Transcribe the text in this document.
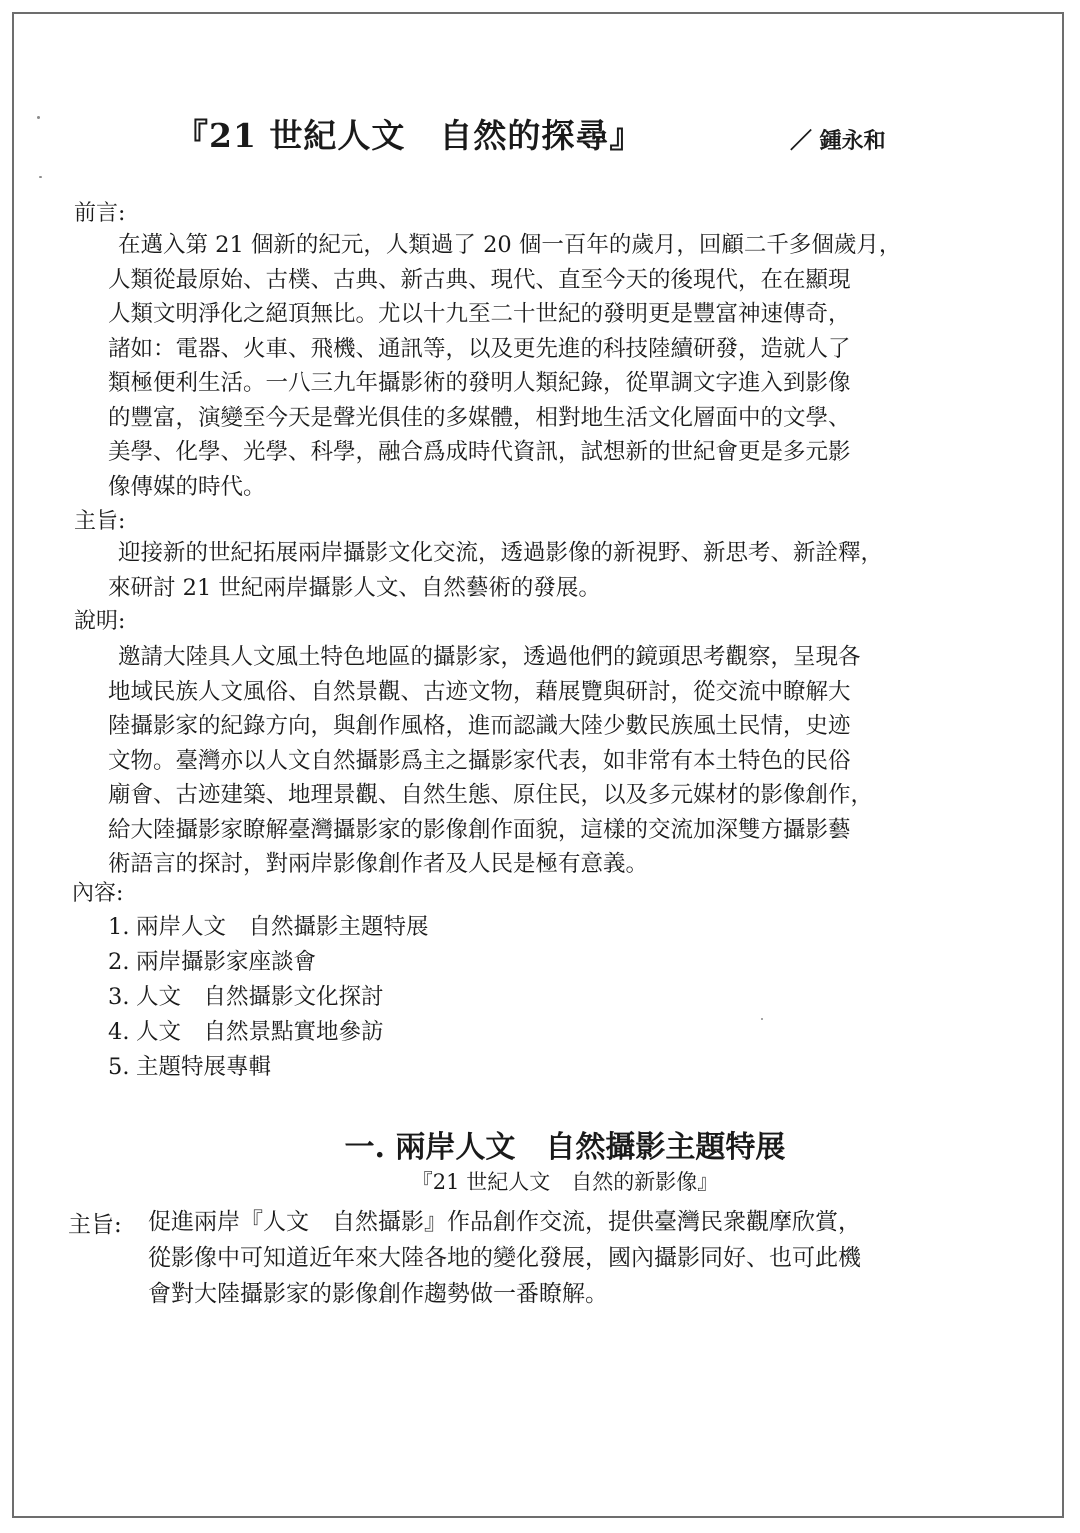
『21 世紀人文　自然的探尋』	／ 鍾永和

前言:

在邁入第 21 個新的紀元，人類過了 20 個一百年的歲月，回顧二千多個歲月，
人類從最原始、古樸、古典、新古典、現代、直至今天的後現代，在在顯現
人類文明淨化之絕頂無比。尤以十九至二十世紀的發明更是豐富神速傳奇，
諸如：電器、火車、飛機、通訊等，以及更先進的科技陸續研發，造就人了
類極便利生活。一八三九年攝影術的發明人類紀錄，從單調文字進入到影像
的豐富，演變至今天是聲光俱佳的多媒體，相對地生活文化層面中的文學、
美學、化學、光學、科學，融合爲成時代資訊，試想新的世紀會更是多元影
像傳媒的時代。

主旨:

迎接新的世紀拓展兩岸攝影文化交流，透過影像的新視野、新思考、新詮釋，
來研討 21 世紀兩岸攝影人文、自然藝術的發展。

說明:

邀請大陸具人文風土特色地區的攝影家，透過他們的鏡頭思考觀察，呈現各
地域民族人文風俗、自然景觀、古迹文物，藉展覽與研討，從交流中瞭解大
陸攝影家的紀錄方向，與創作風格，進而認識大陸少數民族風土民情，史迹
文物。臺灣亦以人文自然攝影爲主之攝影家代表，如非常有本土特色的民俗
廟會、古迹建築、地理景觀、自然生態、原住民，以及多元媒材的影像創作，
給大陸攝影家瞭解臺灣攝影家的影像創作面貌，這樣的交流加深雙方攝影藝
術語言的探討，對兩岸影像創作者及人民是極有意義。

內容:

1. 兩岸人文　自然攝影主題特展
2. 兩岸攝影家座談會
3. 人文　自然攝影文化探討
4. 人文　自然景點實地參訪
5. 主題特展專輯
一. 兩岸人文　自然攝影主題特展

『21 世紀人文　自然的新影像』

主旨: 促進兩岸『人文　自然攝影』作品創作交流，提供臺灣民衆觀摩欣賞，
從影像中可知道近年來大陸各地的變化發展，國內攝影同好、也可此機
會對大陸攝影家的影像創作趨勢做一番瞭解。
